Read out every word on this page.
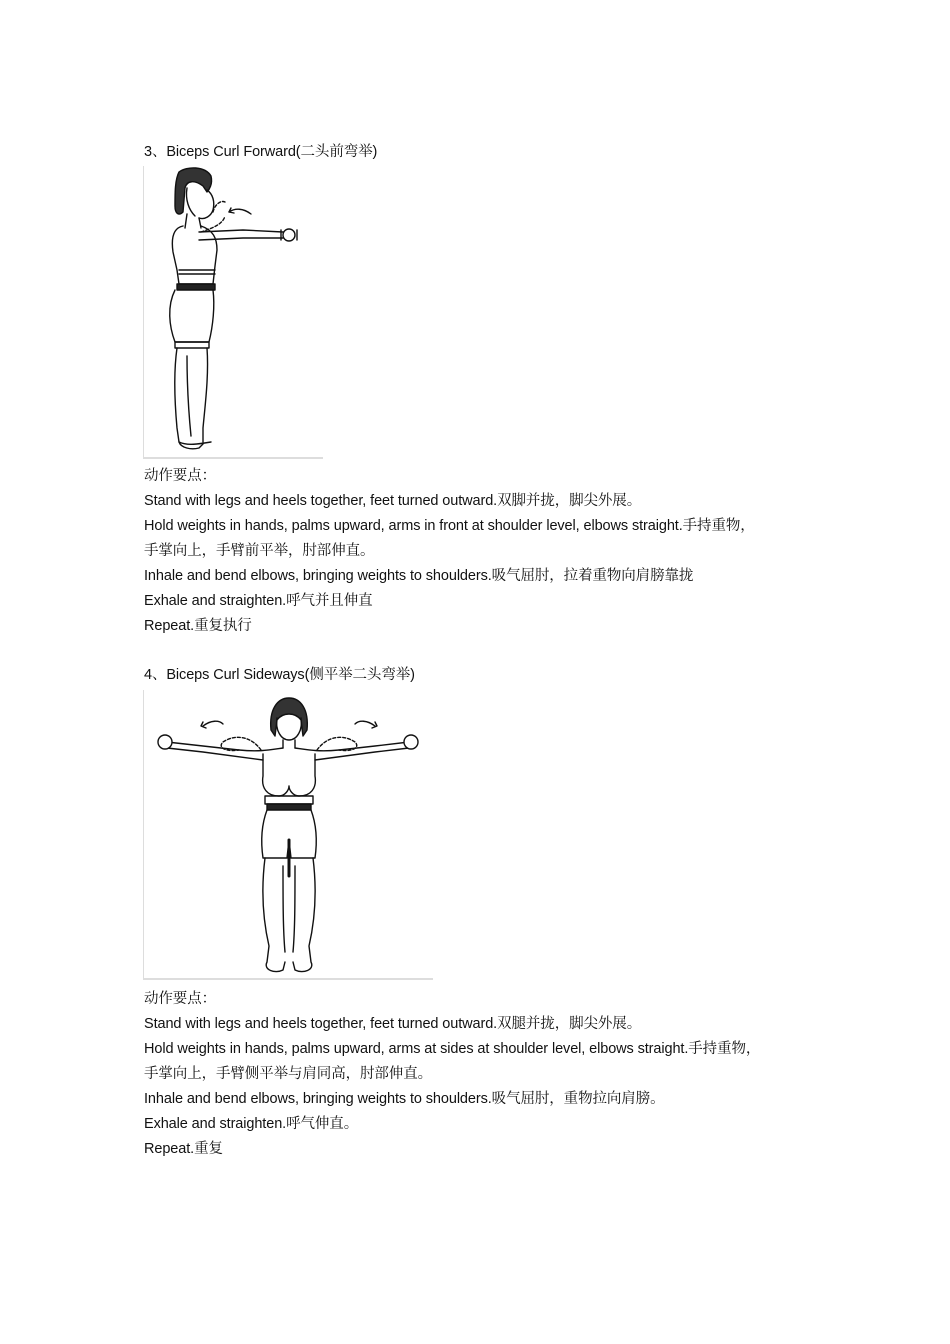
3、Biceps Curl Forward(二头前弯举)
动作要点：
Stand with legs and heels together, feet turned outward.双脚并拢，脚尖外展。
Hold weights in hands, palms upward, arms in front at shoulder level, elbows straight.手持重物，
手掌向上，手臂前平举，肘部伸直。
Inhale and bend elbows, bringing weights to shoulders.吸气屈肘，拉着重物向肩膀靠拢
Exhale and straighten.呼气并且伸直
Repeat.重复执行
4、Biceps Curl Sideways(侧平举二头弯举)
动作要点：
Stand with legs and heels together, feet turned outward.双腿并拢，脚尖外展。
Hold weights in hands, palms upward, arms at sides at shoulder level, elbows straight.手持重物，
手掌向上，手臂侧平举与肩同高，肘部伸直。
Inhale and bend elbows, bringing weights to shoulders.吸气屈肘，重物拉向肩膀。
Exhale and straighten.呼气伸直。
Repeat.重复
